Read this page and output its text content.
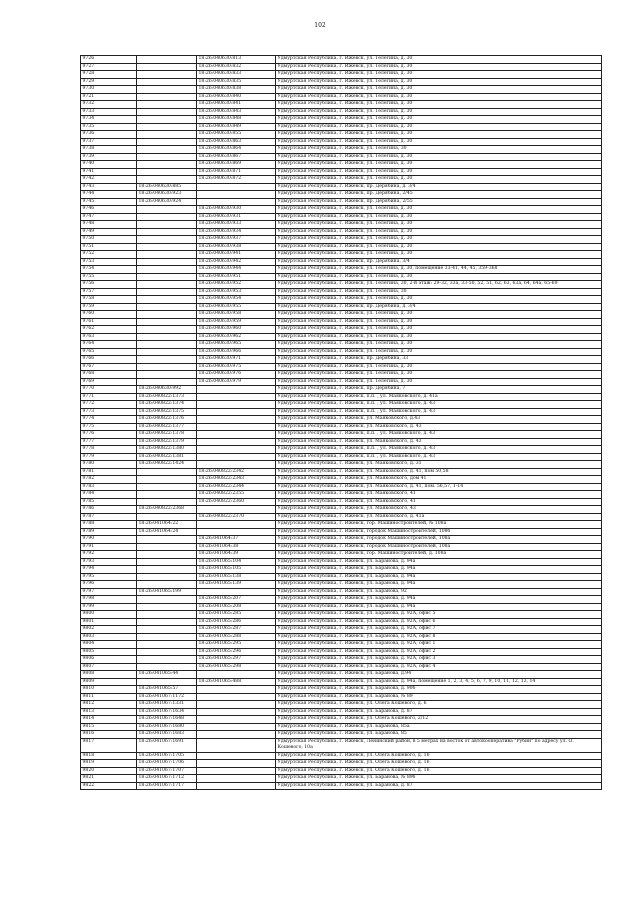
102
9726		18:26:040630:813	Удмуртская Республика, г. Ижевск, ул. Телегина, д. 30
9727		18:26:040630:832	Удмуртская Республика, г. Ижевск, ул. Телегина, д. 30
9728		18:26:040630:833	Удмуртская Республика, г. Ижевск, ул. Телегина, д. 30
9729		18:26:040630:835	Удмуртская Республика, г. Ижевск, ул. Телегина, д. 30
9730		18:26:040630:838	Удмуртская Республика, г. Ижевск, ул. Телегина, д. 30
9721		18:26:040630:840	Удмуртская Республика, г. Ижевск, ул. Телегина, д. 30
9732		18:26:040630:841	Удмуртская Республика, г. Ижевск, ул. Телегина, д. 30
9733		18:26:040630:843	Удмуртская Республика, г. Ижевск, ул. Телегина, д. 30
9734		18:26:040630:848	Удмуртская Республика, г. Ижевск, ул. Телегина, д. 30
9735		18:26:040630:849	Удмуртская Республика, г. Ижевск, ул. Телегина, д. 30
9736		18:26:040630:855	Удмуртская Республика, г. Ижевск, ул. Телегина, д. 30
9737		18:26:040630:863	Удмуртская Республика, г. Ижевск, ул. Телегина, д. 30
9738		18:26:040630:864	Удмуртская Республика, г. Ижевск, ул. Телегина, 30
9739		18:26:040630:867	Удмуртская Республика, г. Ижевск, ул. Телегина, д. 30
9740		18:26:040630:869	Удмуртская Республика, г. Ижевск, ул. Телегина, д. 30
9741		18:26:040630:871	Удмуртская Республика, г. Ижевск, ул. Телегина, д. 30
9742		18:26:040630:872	Удмуртская Республика, г. Ижевск, ул. Телегина, д. 30
9743	18:26:040630:885		Удмуртская Республика, г. Ижевск, пр. Дерябина, д. 3/4
9744	18:26:040630:923		Удмуртская Республика, г. Ижевск, пр. Дерябина, 2/45
9745	18:26:040630:924		Удмуртская Республика, г. Ижевск, пр. Дерябина, 2/55
9746		18:26:040630:930	Удмуртская Республика, г. Ижевск, ул. Телегина, д. 30
9747		18:26:040630:931	Удмуртская Республика, г. Ижевск, ул. Телегина, д. 30
9748		18:26:040630:933	Удмуртская Республика, г. Ижевск, ул. Телегина, д. 30
9749		18:26:040630:934	Удмуртская Республика, г. Ижевск, ул. Телегина, д. 30
9750		18:26:040630:937	Удмуртская Республика, г. Ижевск, ул. Телегина, д. 30
9751		18:26:040630:938	Удмуртская Республика, г. Ижевск, ул. Телегина, д. 30
9752		18:26:040630:941	Удмуртская Республика, г. Ижевск, ул. Телегина, д. 30
9753		18:26:040630:942	Удмуртская Республика, г. Ижевск, пр. Дерябина, 3/4
9754		18:26:040630:944	Удмуртская Республика, г. Ижевск, ул. Телегина, д. 30, помещение 33-41, 44, 45, 359-368
9755		18:26:040630:951	Удмуртская Республика, г. Ижевск, ул. Телегина, д. 30
9756		18:26:040630:952	Удмуртская Республика, г. Ижевск, ул. Телегина, 30, 2-й этаж: 29-32, 33а, 33-50, 52, 51, 62, 63, 63а, 64, 64а, 65-69
9757		18:26:040630:953	Удмуртская Республика, г. Ижевск, ул. Телегина, 30
9758		18:26:040630:954	Удмуртская Республика, г. Ижевск, ул. Телегина, д. 30
9759		18:26:040630:955	Удмуртская Республика, г. Ижевск, пр. Дерябина, д. 3/4
9760		18:26:040630:958	Удмуртская Республика, г. Ижевск, ул. Телегина, д. 30
9761		18:26:040630:959	Удмуртская Республика, г. Ижевск, ул. Телегина, д. 30
9762		18:26:040630:960	Удмуртская Республика, г. Ижевск, ул. Телегина, д. 30
9763		18:26:040630:962	Удмуртская Республика, г. Ижевск, ул. Телегина, д. 30
9764		18:26:040630:965	Удмуртская Республика, г. Ижевск, ул. Телегина, д. 30
9765		18:26:040630:966	Удмуртская Республика, г. Ижевск, ул. Телегина, д. 30
9766		18:26:040630:971	Удмуртская Республика, г. Ижевск, пр. Дерябина, 33
9767		18:26:040630:975	Удмуртская Республика, г. Ижевск, ул. Телегина, д. 30
9768		18:26:040630:976	Удмуртская Республика, г. Ижевск, ул. Телегина, д. 30
9769		18:26:040630:979	Удмуртская Республика, г. Ижевск, ул. Телегина, д. 30
9770	18:26:040630:992		Удмуртская Республика, г. Ижевск, пр. Дерябина, 7
9771	18:26:040822:1373		Удмуртская Республика, г. Ижевск, п.п. , ул. Маяковского, д. 41а
9772	18:26:040822:1374		Удмуртская Республика, г. Ижевск, п.п. , ул. Маяковского, д. 43
9773	18:26:040822:1375		Удмуртская Республика, г. Ижевск, п.п. , ул. Маяковского, д. 43
9774	18:26:040822:1376		Удмуртская Республика, г. Ижевск, ул. Маяковского, д.43
9775	18:26:040822:1377		Удмуртская Республика, г. Ижевск, ул. Маяковского, д. 43
9776	18:26:040822:1378		Удмуртская Республика, г. Ижевск, п.п. , ул. Маяковского, д. 43
9777	18:26:040822:1379		Удмуртская Республика, г. Ижевск, ул. Маяковского, д. 43
9778	18:26:040822:1380		Удмуртская Республика, г. Ижевск, п.п. , ул. Маяковского, д. 43
9779	18:26:040822:1381		Удмуртская Республика, г. Ижевск, п.п. , ул. Маяковского, д. 43
9780	18:26:040822:1424		Удмуртская Республика, г. Ижевск, ул. Маяковского, д. 31
9781		18:26:040822:2342	Удмуртская Республика, г. Ижевск, ул. Маяковского, д. 41, пом 50,58
9782		18:26:040822:2343	Удмуртская Республика, г. Ижевск, ул. Маяковского, дом 41
9783		18:26:040822:2344	Удмуртская Республика, г. Ижевск, ул. Маяковского, д. 41, пом. 56,57, 1-14
9784		18:26:040822:2355	Удмуртская Республика, г. Ижевск, ул. Маяковского, 41
9785		18:26:040822:2360	Удмуртская Республика, г. Ижевск, ул. Маяковского, 41
9786	18:26:040822:2368		Удмуртская Республика, г. Ижевск, ул. Маяковского, 43
9787		18:26:040822:2370	Удмуртская Республика, г. Ижевск, ул. Маяковского, д. 41а
9788	18:26:041064:22		Удмуртская Республика, г. Ижевск, гор. Машиностроителей, № 108а
9789	18:26:041064:24		Удмуртская Республика, г. Ижевск, городок Машиностроителей, 108б
9790		18:26:041064:37	Удмуртская Республика, г. Ижевск, городок Машиностроителей, 108а
9791		18:26:041064:38	Удмуртская Республика, г. Ижевск, городок Машиностроителей, 108а
9792		18:26:041064:39	Удмуртская Республика, г. Ижевск, гор. Машиностроителей, д. 108а
9793		18:26:041065:104	Удмуртская Республика, г. Ижевск, ул. Баранова, д. 94а
9794		18:26:041065:105	Удмуртская Республика, г. Ижевск, ул. Баранова, д. 94а
9795		18:26:041065:138	Удмуртская Республика, г. Ижевск, ул. Баранова, д. 94а
9796		18:26:041065:139	Удмуртская Республика, г. Ижевск, ул. Баранова, д. 94а
9797	18:26:041065:199		Удмуртская Республика, г. Ижевск, ул. Баранова, 92
9798		18:26:041065:207	Удмуртская Республика, г. Ижевск, ул. Баранова, д. 94а
9799		18:26:041065:208	Удмуртская Республика, г. Ижевск, ул. Баранова, д. 94а
9800		18:26:041065:285	Удмуртская Республика, г. Ижевск, ул. Баранова, д. 92А, офис 5
9801		18:26:041065:286	Удмуртская Республика, г. Ижевск, ул. Баранова, д. 92А, офис 6
9802		18:26:041065:287	Удмуртская Республика, г. Ижевск, ул. Баранова, д. 92А, офис 7
9803		18:26:041065:288	Удмуртская Республика, г. Ижевск, ул. Баранова, д. 92А, офис 8
9804		18:26:041065:295	Удмуртская Республика, г. Ижевск, ул. Баранова, д. 92А, офис 1
9805		18:26:041065:296	Удмуртская Республика, г. Ижевск, ул. Баранова, д. 92А, офис 2
9806		18:26:041065:297	Удмуртская Республика, г. Ижевск, ул. Баранова, д. 92А, офис 3
9807		18:26:041065:298	Удмуртская Республика, г. Ижевск, ул. Баранова, д. 92А, офис 4
9808	18:26:041065:44		Удмуртская Республика, г. Ижевск, ул. Баранова, д.94
9809		18:26:041065:488	Удмуртская Республика, г. Ижевск, ул. Баранова, д. 94а, помещение 1, 2, 3, 4, 5, 6, 7, 9, 10, 11, 12, 13, 14
9810	18:26:041065:57		Удмуртская Республика, г. Ижевск, ул. Баранова, д. 90б
9811	18:26:041067:1172		Удмуртская Республика, г. Ижевск, ул. Баранова, № 89
9812	18:26:041067:1331		Удмуртская Республика, г. Ижевск, ул. Олега Кошевого, д. 6
9813	18:26:041067:1634		Удмуртская Республика, г. Ижевск, ул. Баранова, д. 87
9814	18:26:041067:1648		Удмуртская Республика, г. Ижевск, ул. Олега Кошевого, 2/12
9815	18:26:041067:1680		Удмуртская Республика, г. Ижевск, ул. Баранова, 85а
9816	18:26:041067:1683		Удмуртская Республика, г. Ижевск, ул. Баранова, 85
9817	18:26:041067:1691		Удмуртская Республика, г. Ижевск, Ленинский район, в 5 метрах на восток от автокооператива "Рубин" по адресу ул. О. Кошевого, 10а
9818	18:26:041067:1705		Удмуртская Республика, г. Ижевск, ул. Олега Кошевого, д. 16
9819	18:26:041067:1706		Удмуртская Республика, г. Ижевск, ул. Олега Кошевого, д. 16
9820	18:26:041067:1707		Удмуртская Республика, г. Ижевск, ул. Олега Кошевого, д. 16
9821	18:26:041067:1712		Удмуртская Республика, г. Ижевск, ул. Баранова, № 89б
9822	18:26:041067:1717		Удмуртская Республика, г. Ижевск, ул. Баранова, д. 87
